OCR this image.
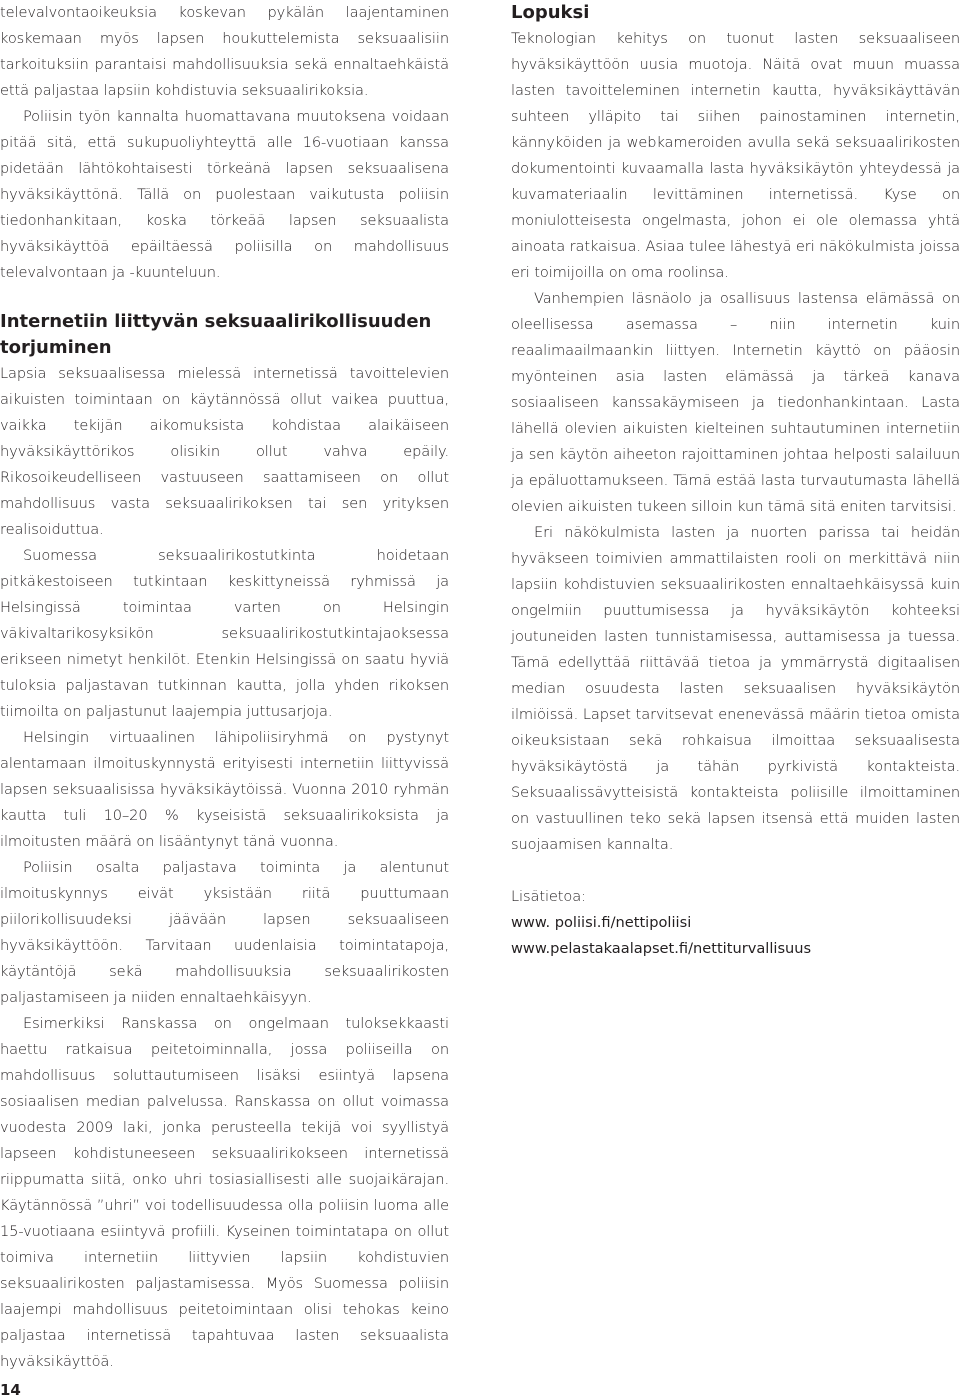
televalvontaoikeuksia koskevan pykälän laajentaminen koskemaan myös lapsen houkuttelemista seksuaalisiin tarkoituksiin parantaisi mahdollisuuksia sekä ennaltaehkäistä että paljastaa lapsiin kohdistuvia seksuaalirikoksia.

Poliisin työn kannalta huomattavana muutoksena voidaan pitää sitä, että sukupuoliyhteyttä alle 16-vuotiaan kanssa pidetään lähtökohtaisesti törkeänä lapsen seksuaalisena hyväksikäyttönä. Tällä on puolestaan vaikutusta poliisin tiedonhankitaan, koska törkeää lapsen seksuaalista hyväksikäyttöä epäiltäessä poliisilla on mahdollisuus televalvontaan ja -kuunteluun.

Internetiin liittyvän seksuaalirikollisuuden torjuminen

Lapsia seksuaalisessa mielessä internetissä tavoittelevien aikuisten toimintaan on käytännössä ollut vaikea puuttua, vaikka tekijän aikomuksista kohdistaa alaikäiseen hyväksikäyttörikos olisikin ollut vahva epäily. Rikosoikeudelliseen vastuuseen saattamiseen on ollut mahdollisuus vasta seksuaalirikoksen tai sen yrityksen realisoiduttua.

Suomessa seksuaalirikostutkinta hoidetaan pitkäkestoiseen tutkintaan keskittyneissä ryhmissä ja Helsingissä toimintaa varten on Helsingin väkivaltarikosyksikön seksuaalirikostutkintajaoksessa erikseen nimetyt henkilöt. Etenkin Helsingissä on saatu hyviä tuloksia paljastavan tutkinnan kautta, jolla yhden rikoksen tiimoilta on paljastunut laajempia juttusarjoja.

Helsingin virtuaalinen lähipoliisiryhmä on pystynyt alentamaan ilmoituskynnystä erityisesti internetiin liittyvissä lapsen seksuaalisissa hyväksikäytöissä. Vuonna 2010 ryhmän kautta tuli 10–20 % kyseisistä seksuaalirikoksista ja ilmoitusten määrä on lisääntynyt tänä vuonna.

Poliisin osalta paljastava toiminta ja alentunut ilmoituskynnys eivät yksistään riitä puuttumaan piilorikollisuudeksi jäävään lapsen seksuaaliseen hyväksikäyttöön. Tarvitaan uudenlaisia toimintatapoja, käytäntöjä sekä mahdollisuuksia seksuaalirikosten paljastamiseen ja niiden ennaltaehkäisyyn.

Esimerkiksi Ranskassa on ongelmaan tuloksekkaasti haettu ratkaisua peitetoiminnalla, jossa poliiseilla on mahdollisuus soluttautumiseen lisäksi esiintyä lapsena sosiaalisen median palvelussa. Ranskassa on ollut voimassa vuodesta 2009 laki, jonka perusteella tekijä voi syyllistyä lapseen kohdistuneeseen seksuaalirikokseen internetissä riippumatta siitä, onko uhri tosiasiallisesti alle suojaikärajan. Käytännössä ”uhri” voi todellisuudessa olla poliisin luoma alle 15-vuotiaana esiintyvä profiili. Kyseinen toimintatapa on ollut toimiva internetiin liittyvien lapsiin kohdistuvien seksuaalirikosten paljastamisessa. Myös Suomessa poliisin laajempi mahdollisuus peitetoimintaan olisi tehokas keino paljastaa internetissä tapahtuvaa lasten seksuaalista hyväksikäyttöä.

Lopuksi

Teknologian kehitys on tuonut lasten seksuaaliseen hyväksikäyttöön uusia muotoja. Näitä ovat muun muassa lasten tavoitteleminen internetin kautta, hyväksikäyttävän suhteen ylläpito tai siihen painostaminen internetin, kännyköiden ja webkameroiden avulla sekä seksuaalirikosten dokumentointi kuvaamalla lasta hyväksikäytön yhteydessä ja kuvamateriaalin levittäminen internetissä. Kyse on moniulotteisesta ongelmasta, johon ei ole olemassa yhtä ainoata ratkaisua. Asiaa tulee lähestyä eri näkökulmista joissa eri toimijoilla on oma roolinsa.

Vanhempien läsnäolo ja osallisuus lastensa elämässä on oleellisessa asemassa – niin internetin kuin reaalimaailmaankin liittyen. Internetin käyttö on pääosin myönteinen asia lasten elämässä ja tärkeä kanava sosiaaliseen kanssakäymiseen ja tiedonhankintaan. Lasta lähellä olevien aikuisten kielteinen suhtautuminen internetiin ja sen käytön aiheeton rajoittaminen johtaa helposti salailuun ja epäluottamukseen. Tämä estää lasta turvautumasta lähellä olevien aikuisten tukeen silloin kun tämä sitä eniten tarvitsisi.

Eri näkökulmista lasten ja nuorten parissa tai heidän hyväkseen toimivien ammattilaisten rooli on merkittävä niin lapsiin kohdistuvien seksuaalirikosten ennaltaehkäisyssä kuin ongelmiin puuttumisessa ja hyväksikäytön kohteeksi joutuneiden lasten tunnistamisessa, auttamisessa ja tuessa. Tämä edellyttää riittävää tietoa ja ymmärrystä digitaalisen median osuudesta lasten seksuaalisen hyväksikäytön ilmiöissä. Lapset tarvitsevat enenevässä määrin tietoa omista oikeuksistaan sekä rohkaisua ilmoittaa seksuaalisesta hyväksikäytöstä ja tähän pyrkivistä kontakteista. Seksuaalissävytteisistä kontakteista poliisille ilmoittaminen on vastuullinen teko sekä lapsen itsensä että muiden lasten suojaamisen kannalta.

Lisätietoa:

www. poliisi.fi/nettipoliisi
www.pelastakaalapset.fi/nettiturvallisuus
14
